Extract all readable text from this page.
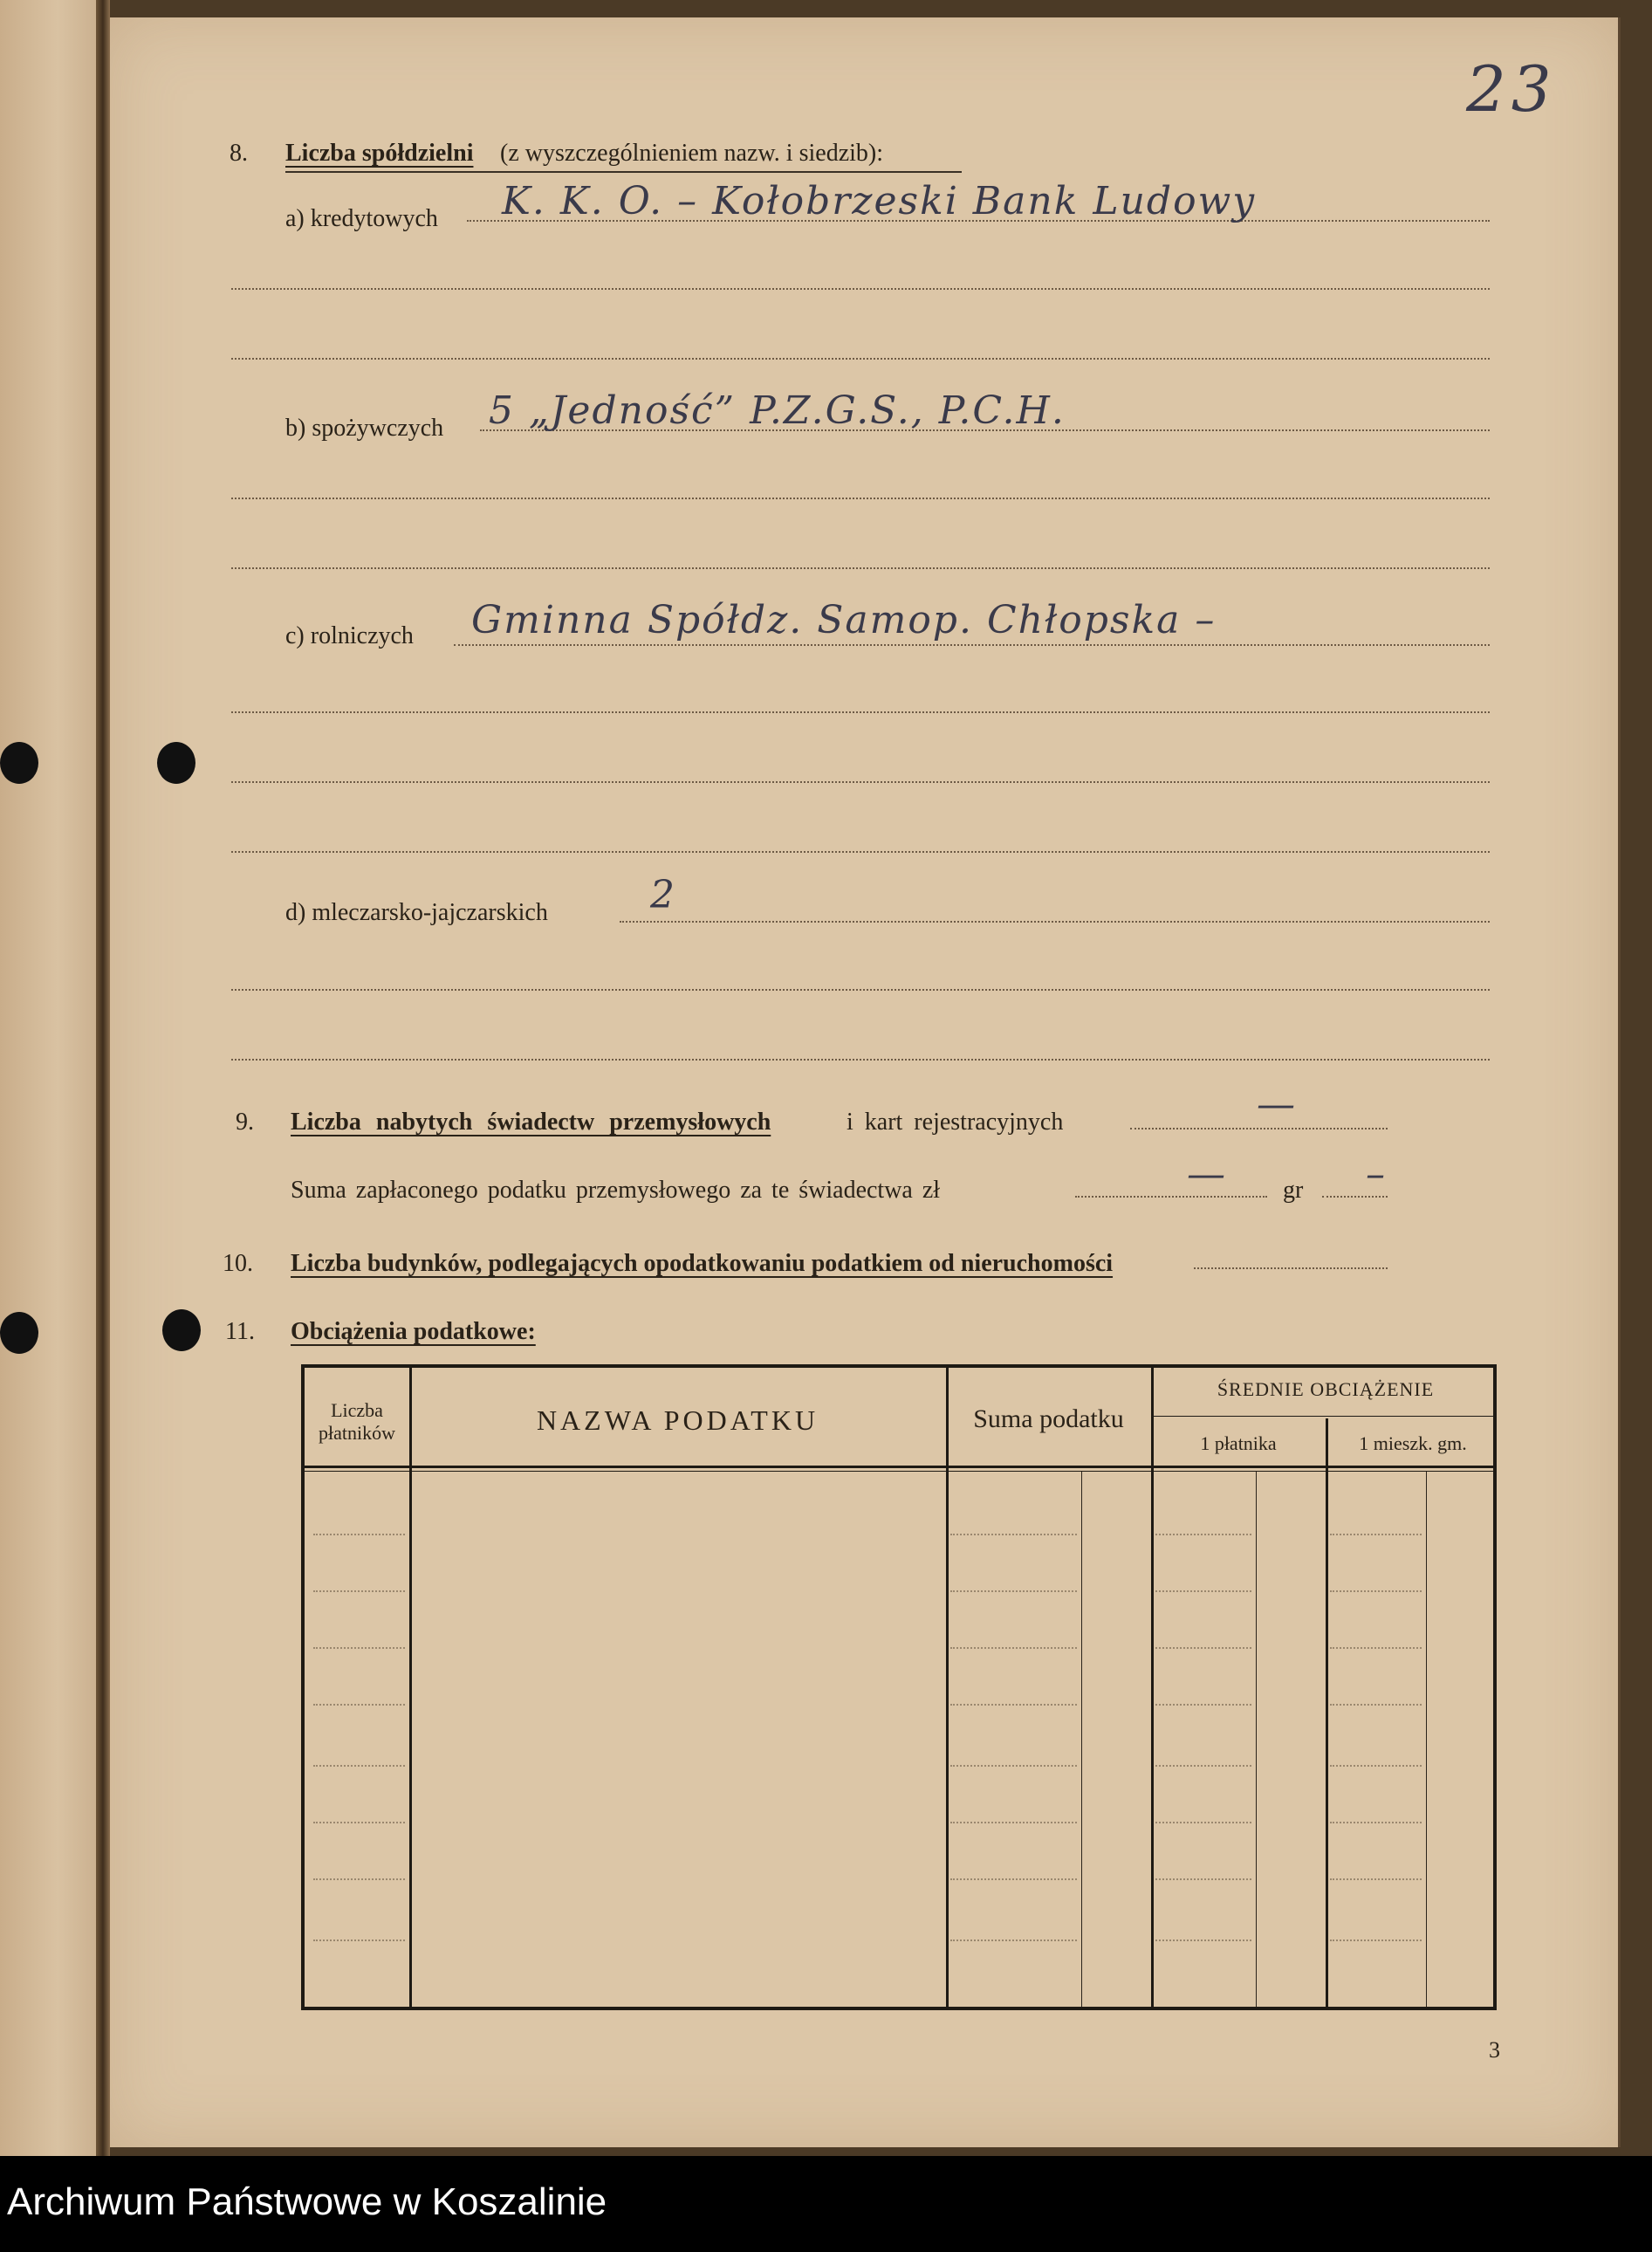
23
8. Liczba spółdzielni (z wyszczególnieniem nazw. i siedzib):
a) kredytowych K. K. O. – Kołobrzeski Bank Ludowy
b) spożywczych 5 „Jedność” P.Z.G.S., P.C.H.
c) rolniczych Gminna Spółdz. Samop. Chłopska –
d) mleczarsko-jajczarskich	2
9. Liczba nabytych świadectw przemysłowych	i kart rejestracyjnych	—
Suma zapłaconego podatku przemysłowego za te świadectwa zł	— gr –
10. Liczba budynków, podlegających opodatkowaniu podatkiem od nieruchomości
11. Obciążenia podatkowe:
Liczba
płatników	NAZWA PODATKU	Suma podatku
ŚREDNIE OBCIĄŻENIE
1 płatnika	1 mieszk. gm.
3
Archiwum Państwowe w Koszalinie
